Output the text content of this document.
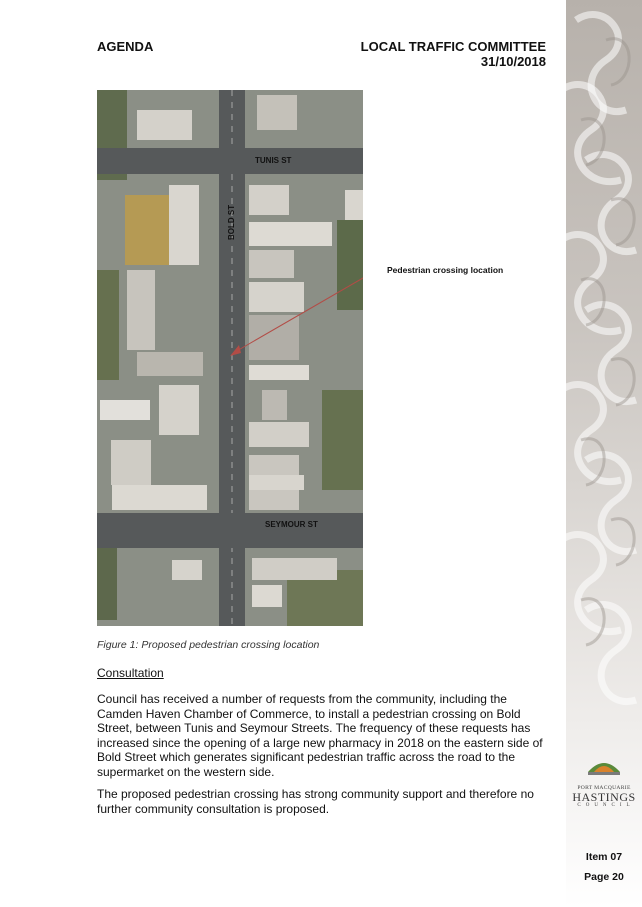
AGENDA	LOCAL TRAFFIC COMMITTEE
31/10/2018
TUNIS ST
BOLD ST
SEYMOUR ST
Pedestrian crossing location
Figure 1: Proposed pedestrian crossing location
Consultation
Council has received a number of requests from the community, including the Camden Haven Chamber of Commerce, to install a pedestrian crossing on Bold Street, between Tunis and Seymour Streets. The frequency of these requests has increased since the opening of a large new pharmacy in 2018 on the eastern side of Bold Street which generates significant pedestrian traffic across the road to the supermarket on the western side.
The proposed pedestrian crossing has strong community support and therefore no further community consultation is proposed.
PORT MACQUARIE
HASTINGS
COUNCIL
Item 07
Page 20
